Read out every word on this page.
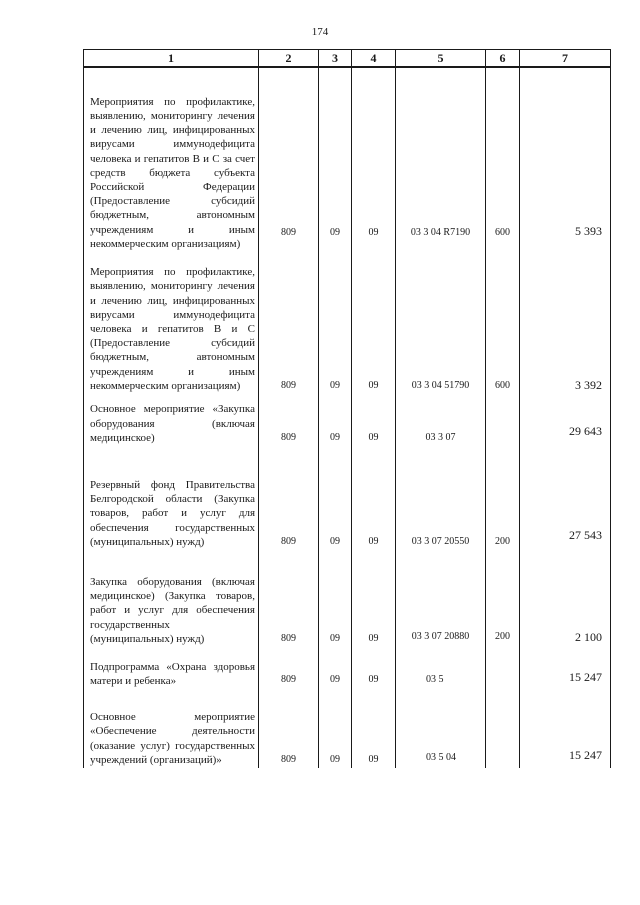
174
1	2	3	4	5	6	7
Мероприятия по профилактике, выявлению, мониторингу лечения и лечению лиц, инфицированных вирусами иммунодефицита человека и гепатитов В и С за счет средств бюджета субъекта Российской Федерации (Предоставление субсидий бюджетным, автономным учреждениям и иным некоммерческим организациям)	809	09	09	03 3 04 R7190	600	5 393

Мероприятия по профилактике, выявлению, мониторингу лечения и лечению лиц, инфицированных вирусами иммунодефицита человека и гепатитов В и С (Предоставление субсидий бюджетным, автономным учреждениям и иным некоммерческим организациям)	809	09	09	03 3 04 51790	600	3 392

Основное мероприятие «Закупка оборудования (включая медицинское)	809	09	09	03 3 07		29 643

Резервный фонд Правительства Белгородской области (Закупка товаров, работ и услуг для обеспечения государственных (муниципальных) нужд)	809	09	09	03 3 07 20550	200	27 543

Закупка оборудования (включая медицинское) (Закупка товаров, работ и услуг для обеспечения государственных (муниципальных) нужд)	809	09	09	03 3 07 20880	200	2 100

Подпрограмма «Охрана здоровья матери и ребенка»	809	09	09	03 5		15 247

Основное мероприятие «Обеспечение деятельности (оказание услуг) государственных учреждений (организаций)»	809	09	09	03 5 04		15 247
